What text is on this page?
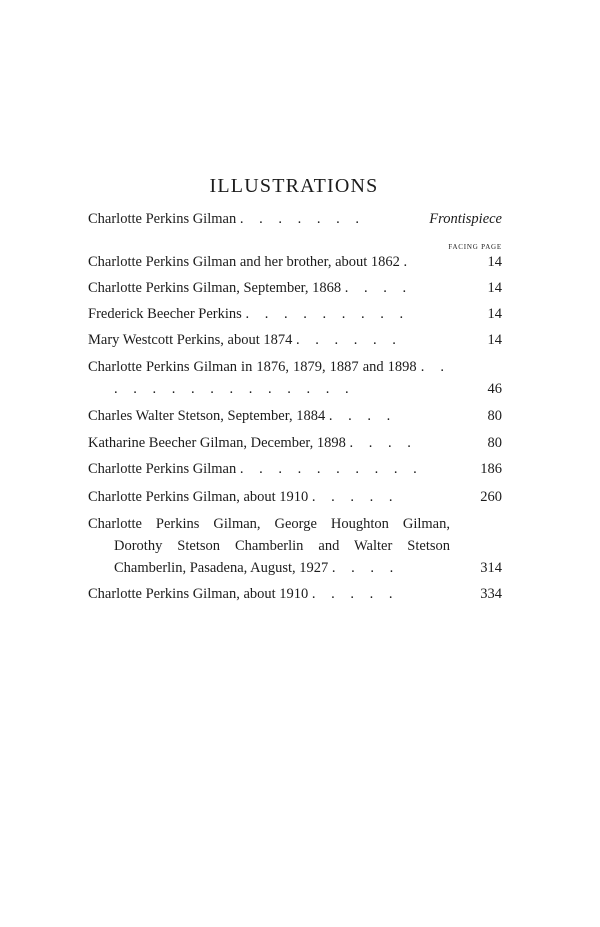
ILLUSTRATIONS
Charlotte Perkins Gilman . . . . . . .	Frontispiece
FACING PAGE
Charlotte Perkins Gilman and her brother, about 1862 .	14
Charlotte Perkins Gilman, September, 1868 . . . .	14
Frederick Beecher Perkins . . . . . . . . .	14
Mary Westcott Perkins, about 1874 . . . . . .	14
Charlotte Perkins Gilman in 1876, 1879, 1887 and 1898 . . . . . . . . . . . . . . .	46
Charles Walter Stetson, September, 1884 . . . .	80
Katharine Beecher Gilman, December, 1898 . . . .	80
Charlotte Perkins Gilman . . . . . . . . . .	186
Charlotte Perkins Gilman, about 1910 . . . . .	260
Charlotte Perkins Gilman, George Houghton Gilman, Dorothy Stetson Chamberlin and Walter Stetson Chamberlin, Pasadena, August, 1927 . . . .	314
Charlotte Perkins Gilman, about 1910 . . . . .	334
